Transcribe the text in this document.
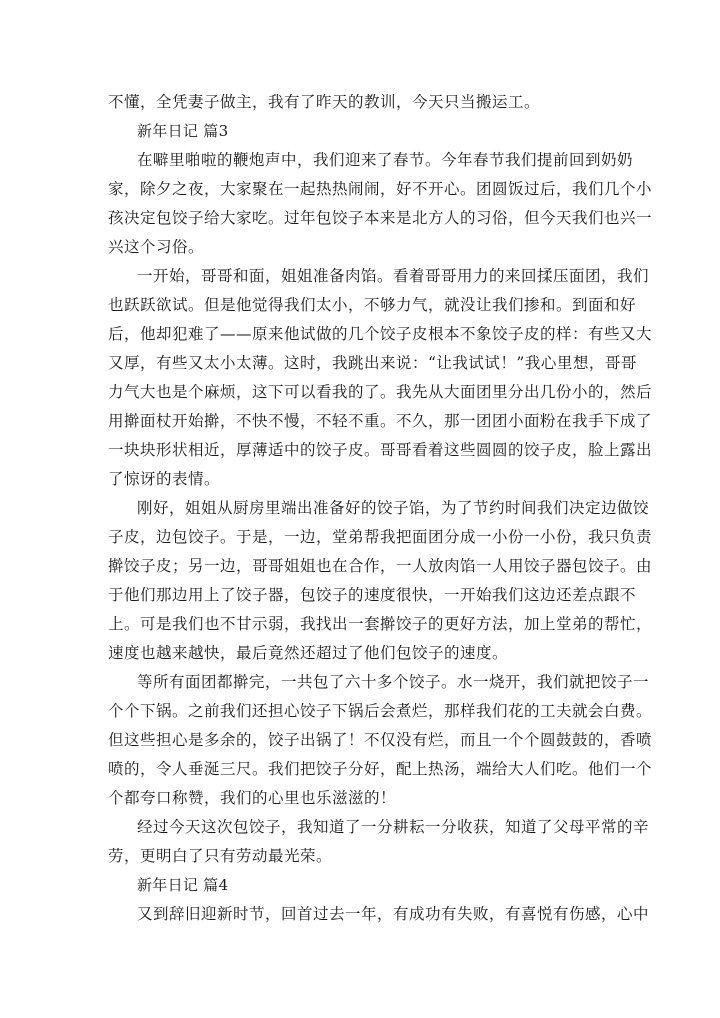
不懂，全凭妻子做主，我有了昨天的教训，今天只当搬运工。
新年日记 篇3
在噼里啪啦的鞭炮声中，我们迎来了春节。今年春节我们提前回到奶奶
家，除夕之夜，大家聚在一起热热闹闹，好不开心。团圆饭过后，我们几个小
孩决定包饺子给大家吃。过年包饺子本来是北方人的习俗，但今天我们也兴一
兴这个习俗。
一开始，哥哥和面，姐姐准备肉馅。看着哥哥用力的来回揉压面团，我们
也跃跃欲试。但是他觉得我们太小，不够力气，就没让我们掺和。到面和好
后，他却犯难了——原来他试做的几个饺子皮根本不象饺子皮的样：有些又大
又厚，有些又太小太薄。这时，我跳出来说：“让我试试！”我心里想，哥哥
力气大也是个麻烦，这下可以看我的了。我先从大面团里分出几份小的，然后
用擀面杖开始擀，不快不慢，不轻不重。不久，那一团团小面粉在我手下成了
一块块形状相近，厚薄适中的饺子皮。哥哥看着这些圆圆的饺子皮，脸上露出
了惊讶的表情。
刚好，姐姐从厨房里端出准备好的饺子馅，为了节约时间我们决定边做饺
子皮，边包饺子。于是，一边，堂弟帮我把面团分成一小份一小份，我只负责
擀饺子皮；另一边，哥哥姐姐也在合作，一人放肉馅一人用饺子器包饺子。由
于他们那边用上了饺子器，包饺子的速度很快，一开始我们这边还差点跟不
上。可是我们也不甘示弱，我找出一套擀饺子的更好方法，加上堂弟的帮忙，
速度也越来越快，最后竟然还超过了他们包饺子的速度。
等所有面团都擀完，一共包了六十多个饺子。水一烧开，我们就把饺子一
个个下锅。之前我们还担心饺子下锅后会煮烂，那样我们花的工夫就会白费。
但这些担心是多余的，饺子出锅了！不仅没有烂，而且一个个圆鼓鼓的，香喷
喷的，令人垂涎三尺。我们把饺子分好，配上热汤，端给大人们吃。他们一个
个都夸口称赞，我们的心里也乐滋滋的！
经过今天这次包饺子，我知道了一分耕耘一分收获，知道了父母平常的辛
劳，更明白了只有劳动最光荣。
新年日记 篇4
又到辞旧迎新时节，回首过去一年，有成功有失败，有喜悦有伤感，心中
